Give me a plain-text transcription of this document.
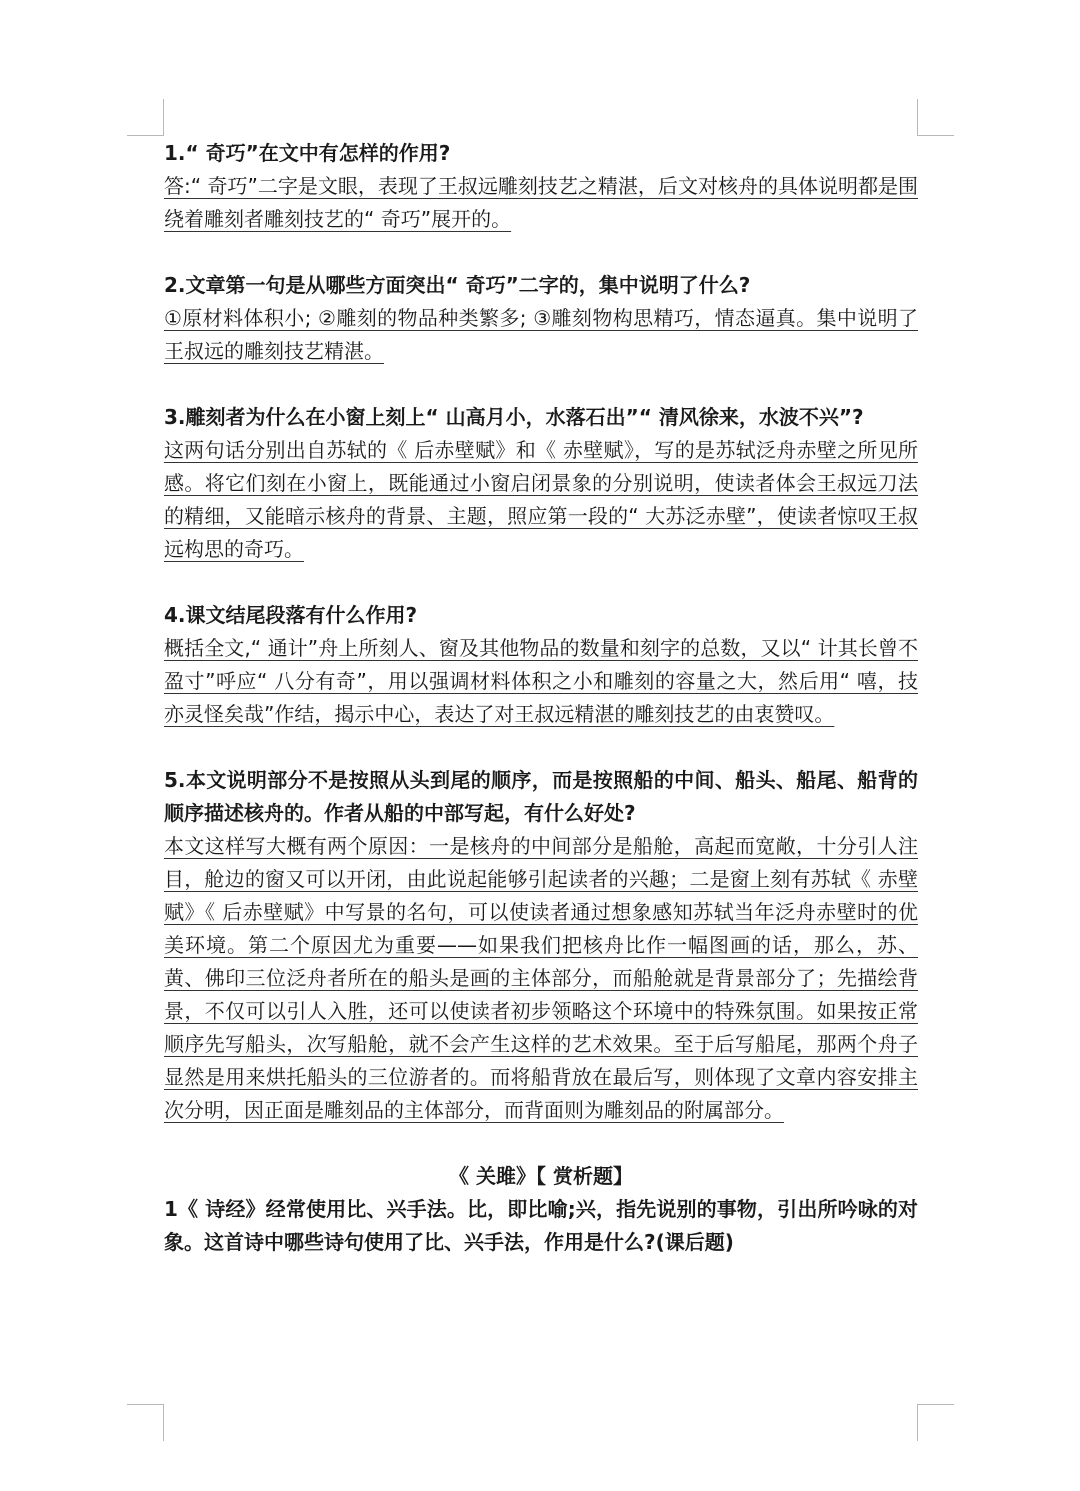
1.“ 奇巧”在文中有怎样的作用?

答:“ 奇巧”二字是文眼，表现了王叔远雕刻技艺之精湛，后文对核舟的具体说明都是围绕着雕刻者雕刻技艺的“ 奇巧”展开的。

2.文章第一句是从哪些方面突出“ 奇巧”二字的，集中说明了什么?

①原材料体积小; ②雕刻的物品种类繁多; ③雕刻物构思精巧，情态逼真。集中说明了王叔远的雕刻技艺精湛。

3.雕刻者为什么在小窗上刻上“ 山高月小，水落石出”“ 清风徐来，水波不兴”?

这两句话分别出自苏轼的《 后赤壁赋》和《 赤壁赋》，写的是苏轼泛舟赤壁之所见所感。将它们刻在小窗上，既能通过小窗启闭景象的分别说明，使读者体会王叔远刀法的精细，又能暗示核舟的背景、主题，照应第一段的“ 大苏泛赤壁”，使读者惊叹王叔远构思的奇巧。

4.课文结尾段落有什么作用?

概括全文,“ 通计”舟上所刻人、窗及其他物品的数量和刻字的总数，又以“ 计其长曾不盈寸”呼应“ 八分有奇”，用以强调材料体积之小和雕刻的容量之大，然后用“ 嘻，技亦灵怪矣哉”作结，揭示中心，表达了对王叔远精湛的雕刻技艺的由衷赞叹。

5.本文说明部分不是按照从头到尾的顺序，而是按照船的中间、船头、船尾、船背的顺序描述核舟的。作者从船的中部写起，有什么好处?

本文这样写大概有两个原因：一是核舟的中间部分是船舱，高起而宽敞，十分引人注目，舱边的窗又可以开闭，由此说起能够引起读者的兴趣；二是窗上刻有苏轼《 赤壁赋》《 后赤壁赋》中写景的名句，可以使读者通过想象感知苏轼当年泛舟赤壁时的优美环境。第二个原因尤为重要——如果我们把核舟比作一幅图画的话，那么，苏、黄、佛印三位泛舟者所在的船头是画的主体部分，而船舱就是背景部分了；先描绘背景，不仅可以引人入胜，还可以使读者初步领略这个环境中的特殊氛围。如果按正常顺序先写船头，次写船舱，就不会产生这样的艺术效果。至于后写船尾，那两个舟子显然是用来烘托船头的三位游者的。而将船背放在最后写，则体现了文章内容安排主次分明，因正面是雕刻品的主体部分，而背面则为雕刻品的附属部分。

《 关雎》【 赏析题】

1《 诗经》经常使用比、兴手法。比，即比喻;兴，指先说别的事物，引出所吟咏的对象。这首诗中哪些诗句使用了比、兴手法，作用是什么?(课后题)
